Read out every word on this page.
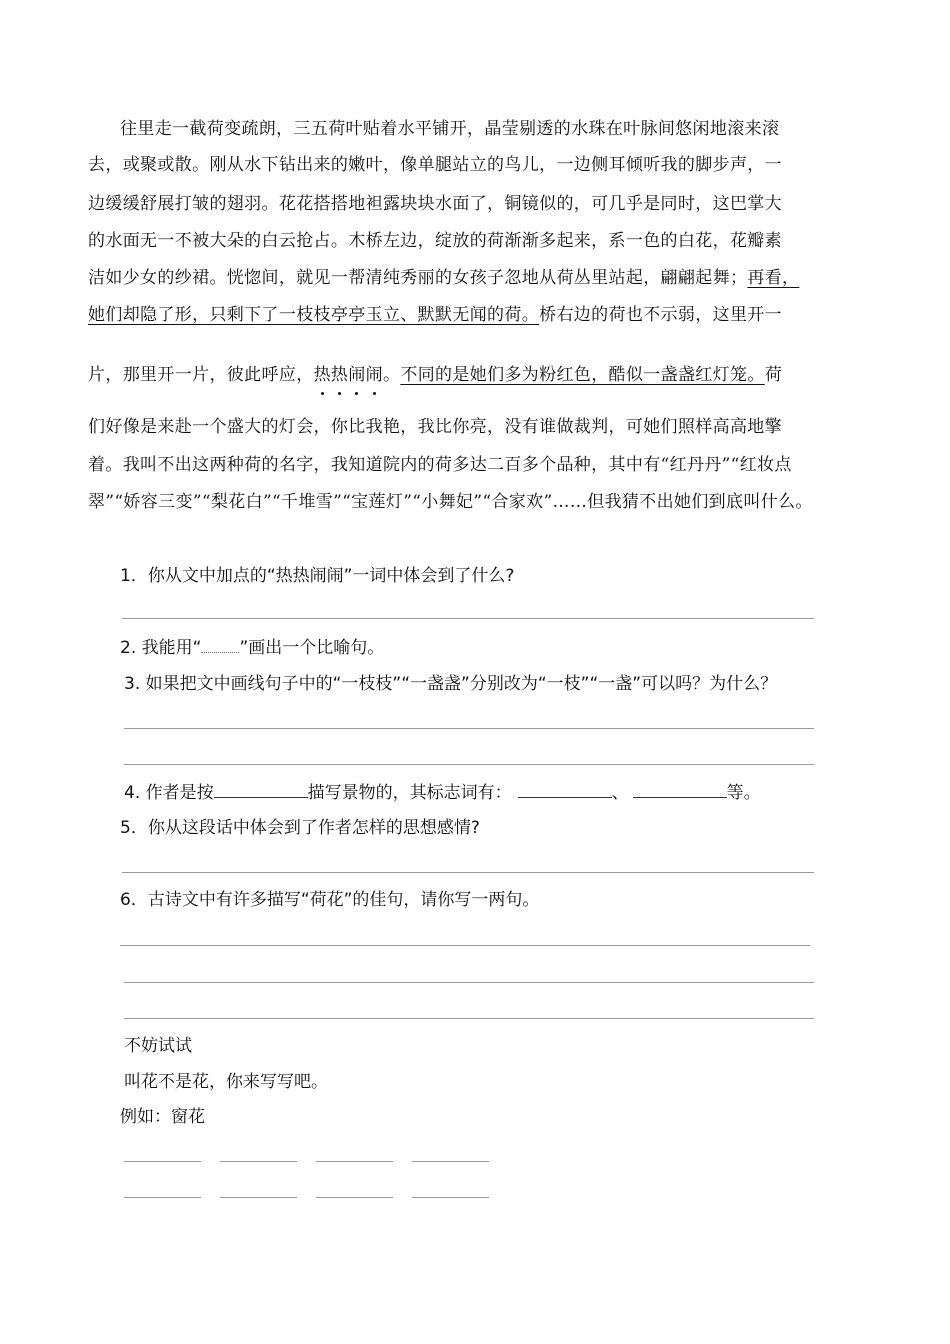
往里走一截荷变疏朗，三五荷叶贴着水平铺开，晶莹剔透的水珠在叶脉间悠闲地滚来滚
去，或聚或散。刚从水下钻出来的嫩叶，像单腿站立的鸟儿，一边侧耳倾听我的脚步声，一
边缓缓舒展打皱的翅羽。花花搭搭地袒露块块水面了，铜镜似的，可几乎是同时，这巴掌大
的水面无一不被大朵的白云抢占。木桥左边，绽放的荷渐渐多起来，系一色的白花，花瓣素
洁如少女的纱裙。恍惚间，就见一帮清纯秀丽的女孩子忽地从荷丛里站起，翩翩起舞；再看，
她们却隐了形，只剩下了一枝枝亭亭玉立、默默无闻的荷。桥右边的荷也不示弱，这里开一
片，那里开一片，彼此呼应，热热闹闹。不同的是她们多为粉红色，酷似一盏盏红灯笼。荷
们好像是来赴一个盛大的灯会，你比我艳，我比你亮，没有谁做裁判，可她们照样高高地擎
着。我叫不出这两种荷的名字，我知道院内的荷多达二百多个品种，其中有“红丹丹”“红妆点
翠”“娇容三变”“梨花白”“千堆雪”“宝莲灯”“小舞妃”“合家欢”……但我猜不出她们到底叫什么。
1．你从文中加点的“热热闹闹”一词中体会到了什么?
2. 我能用“ ”画出一个比喻句。
3. 如果把文中画线句子中的“一枝枝”“一盏盏”分别改为“一枝”“一盏”可以吗？为什么？
4. 作者是按	描写景物的，其标志词有：	、	等。
5．你从这段话中体会到了作者怎样的思想感情?
6．古诗文中有许多描写“荷花”的佳句，请你写一两句。
不妨试试
叫花不是花，你来写写吧。
例如：窗花
